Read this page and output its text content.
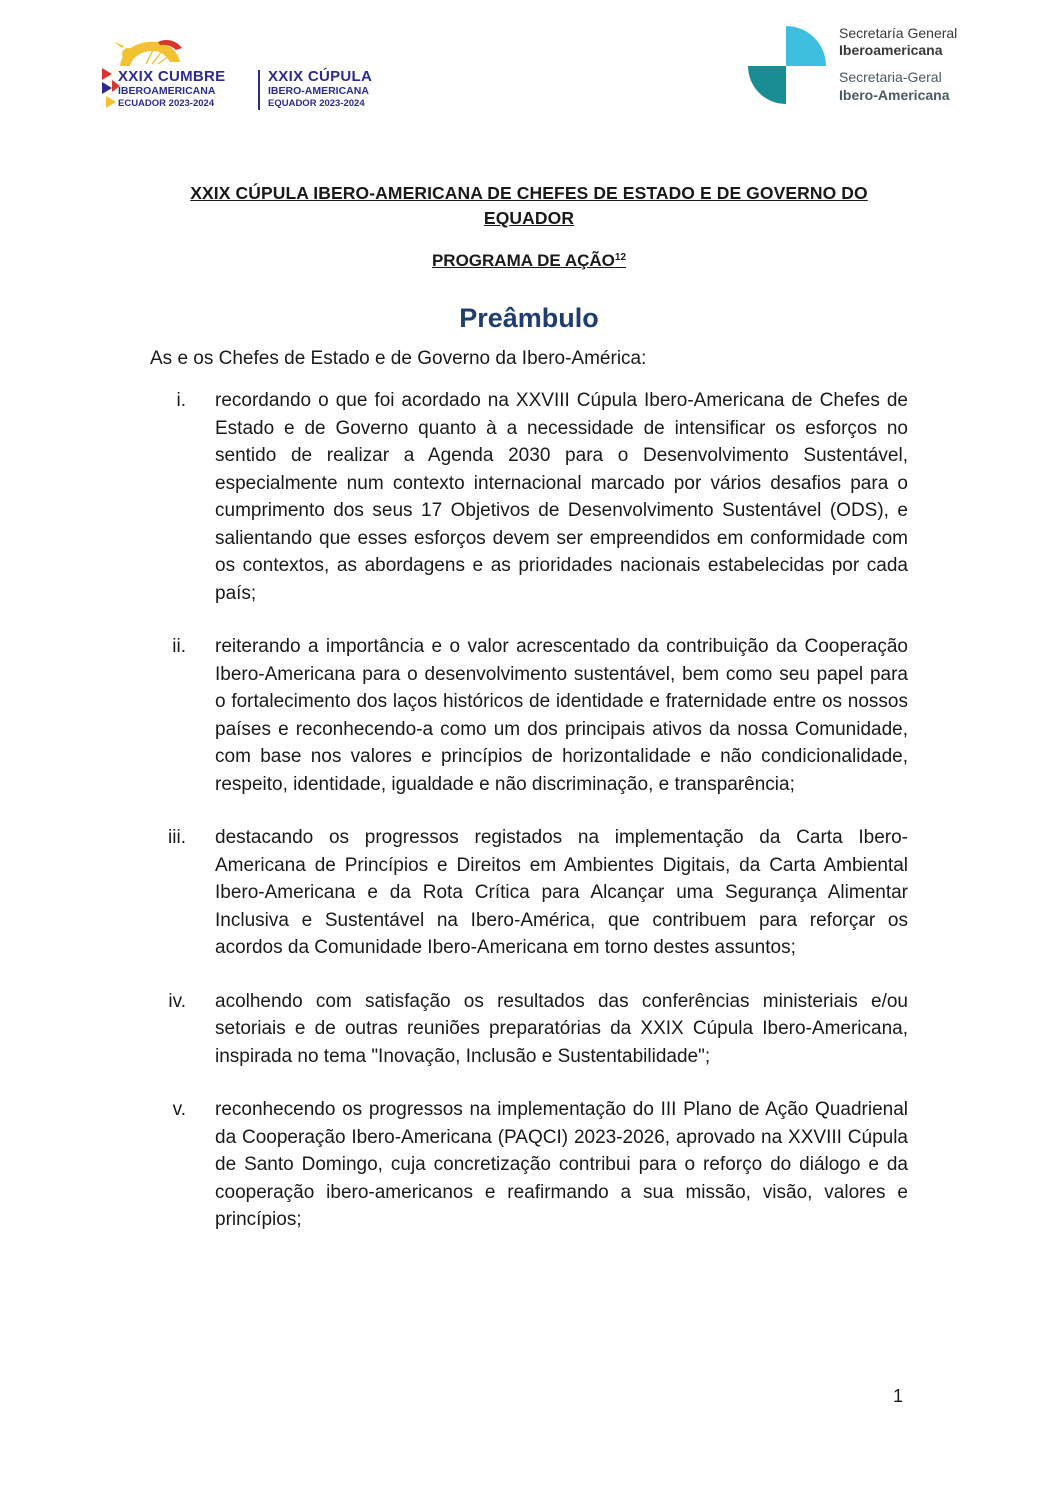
XXIX CUMBRE
IBEROAMERICANA
ECUADOR 2023-2024
XXIX CÚPULA
IBERO-AMERICANA
EQUADOR 2023-2024
Secretaría General
Iberoamericana
Secretaria-Geral
Ibero-Americana

XXIX CÚPULA IBERO-AMERICANA DE CHEFES DE ESTADO E DE GOVERNO DO EQUADOR

PROGRAMA DE AÇÃO$^{12}$

Preâmbulo

As e os Chefes de Estado e de Governo da Ibero-América:

i. recordando o que foi acordado na XXVIII Cúpula Ibero-Americana de Chefes de Estado e de Governo quanto à a necessidade de intensificar os esforços no sentido de realizar a Agenda 2030 para o Desenvolvimento Sustentável, especialmente num contexto internacional marcado por vários desafios para o cumprimento dos seus 17 Objetivos de Desenvolvimento Sustentável (ODS), e salientando que esses esforços devem ser empreendidos em conformidade com os contextos, as abordagens e as prioridades nacionais estabelecidas por cada país;

ii. reiterando a importância e o valor acrescentado da contribuição da Cooperação Ibero-Americana para o desenvolvimento sustentável, bem como seu papel para o fortalecimento dos laços históricos de identidade e fraternidade entre os nossos países e reconhecendo-a como um dos principais ativos da nossa Comunidade, com base nos valores e princípios de horizontalidade e não condicionalidade, respeito, identidade, igualdade e não discriminação, e transparência;

iii. destacando os progressos registados na implementação da Carta Ibero-Americana de Princípios e Direitos em Ambientes Digitais, da Carta Ambiental Ibero-Americana e da Rota Crítica para Alcançar uma Segurança Alimentar Inclusiva e Sustentável na Ibero-América, que contribuem para reforçar os acordos da Comunidade Ibero-Americana em torno destes assuntos;

iv. acolhendo com satisfação os resultados das conferências ministeriais e/ou setoriais e de outras reuniões preparatórias da XXIX Cúpula Ibero-Americana, inspirada no tema "Inovação, Inclusão e Sustentabilidade";

v. reconhecendo os progressos na implementação do III Plano de Ação Quadrienal da Cooperação Ibero-Americana (PAQCI) 2023-2026, aprovado na XXVIII Cúpula de Santo Domingo, cuja concretização contribui para o reforço do diálogo e da cooperação ibero-americanos e reafirmando a sua missão, visão, valores e princípios;

1
